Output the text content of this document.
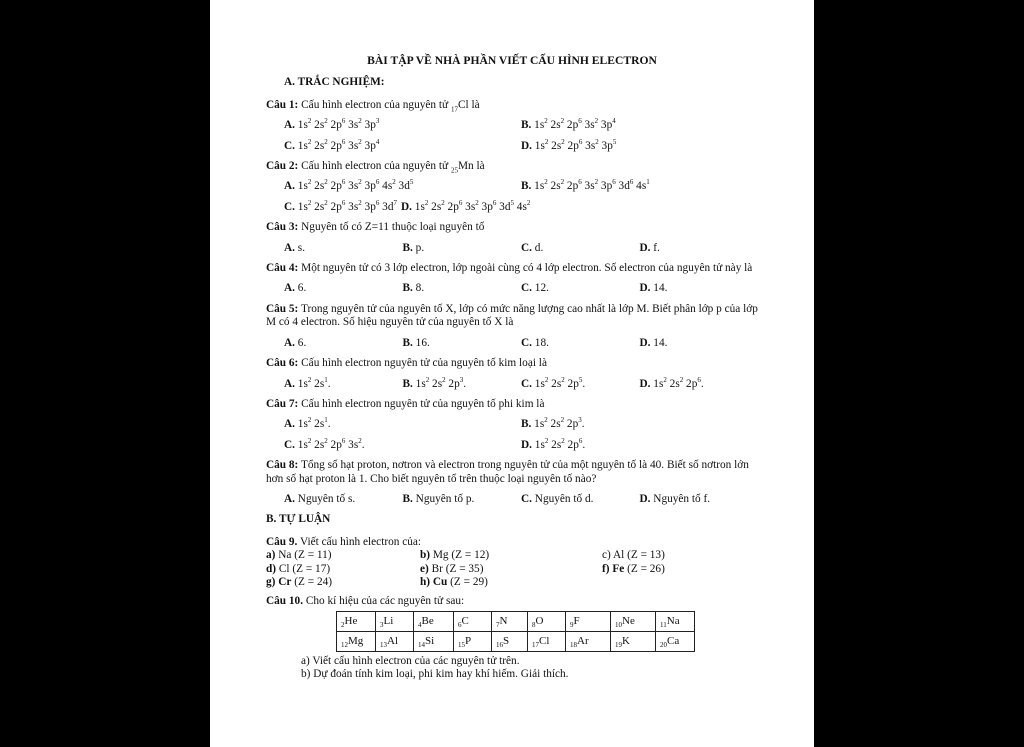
BÀI TẬP VỀ NHÀ PHẦN VIẾT CẤU HÌNH ELECTRON
A. TRẮC NGHIỆM:
Câu 1: Cấu hình electron của nguyên tử $_{17}$Cl là
A. $1s^2$ $2s^2$ $2p^6$ $3s^2$ $3p^3$	B. $1s^2$ $2s^2$ $2p^6$ $3s^2$ $3p^4$
C. $1s^2$ $2s^2$ $2p^6$ $3s^2$ $3p^4$	D. $1s^2$ $2s^2$ $2p^6$ $3s^2$ $3p^5$
Câu 2: Cấu hình electron của nguyên tử $_{25}$Mn là
A. $1s^2$ $2s^2$ $2p^6$ $3s^2$ $3p^6$ $4s^2$ $3d^5$	B. $1s^2$ $2s^2$ $2p^6$ $3s^2$ $3p^6$ $3d^6$ $4s^1$
C. $1s^2$ $2s^2$ $2p^6$ $3s^2$ $3p^6$ $3d^7$ D. $1s^2$ $2s^2$ $2p^6$ $3s^2$ $3p^6$ $3d^5$ $4s^2$
Câu 3: Nguyên tố có Z=11 thuộc loại nguyên tố
A. s.	B. p.	C. d.	D. f.
Câu 4: Một nguyên tử có 3 lớp electron, lớp ngoài cùng có 4 lớp electron. Số electron của nguyên tử này là
A. 6.	B. 8.	C. 12.	D. 14.
Câu 5: Trong nguyên tử của nguyên tố X, lớp có mức năng lượng cao nhất là lớp M. Biết phân lớp p của lớp M có 4 electron. Số hiệu nguyên tử của nguyên tố X là
A. 6.	B. 16.	C. 18.	D. 14.
Câu 6: Cấu hình electron nguyên tử của nguyên tố kim loại là
A. $1s^2$ $2s^1$.	B. $1s^2$ $2s^2$ $2p^3$.	C. $1s^2$ $2s^2$ $2p^5$.	D. $1s^2$ $2s^2$ $2p^6$.
Câu 7: Cấu hình electron nguyên tử của nguyên tố phi kim là
A. $1s^2$ $2s^1$.	B. $1s^2$ $2s^2$ $2p^3$.
C. $1s^2$ $2s^2$ $2p^6$ $3s^2$.	D. $1s^2$ $2s^2$ $2p^6$.
Câu 8: Tổng số hạt proton, nơtron và electron trong nguyên tử của một nguyên tố là 40. Biết số nơtron lớn hơn số hạt proton là 1. Cho biết nguyên tố trên thuộc loại nguyên tố nào?
A. Nguyên tố s.	B. Nguyên tố p.	C. Nguyên tố d.	D. Nguyên tố f.
B. TỰ LUẬN
Câu 9. Viết cấu hình electron của:
a) Na (Z = 11)	b) Mg (Z = 12)	c) Al (Z = 13)
d) Cl (Z = 17)	e) Br (Z = 35)	f) Fe (Z = 26)
g) Cr (Z = 24)	h) Cu (Z = 29)
Câu 10. Cho kí hiệu của các nguyên tử sau:
$_2$He	$_3$Li	$_4$Be	$_6$C	$_7$N	$_8$O	$_9$F	$_{10}$Ne	$_{11}$Na
$_{12}$Mg	$_{13}$Al	$_{14}$Si	$_{15}$P	$_{16}$S	$_{17}$Cl	$_{18}$Ar	$_{19}$K	$_{20}$Ca
a) Viết cấu hình electron của các nguyên tử trên.
b) Dự đoán tính kim loại, phi kim hay khí hiếm. Giải thích.
